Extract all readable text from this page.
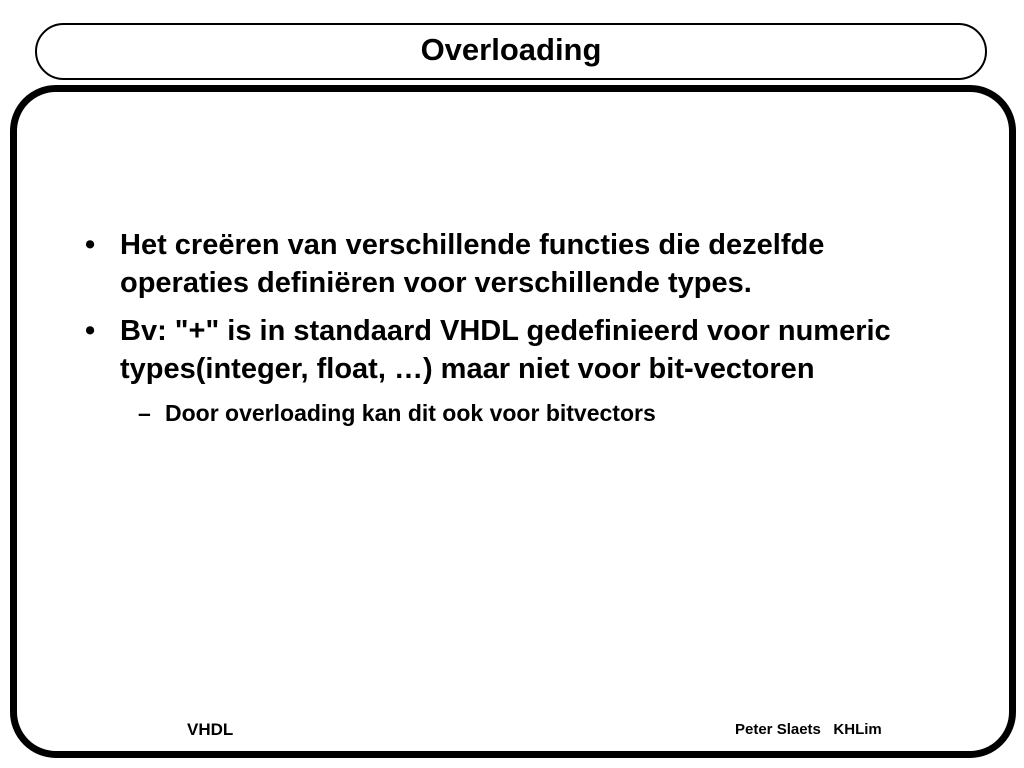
Overloading
• Het creëren van verschillende functies die dezelfde operaties definiëren voor verschillende types.
• Bv: "+" is in standaard VHDL gedefinieerd voor numeric types(integer, float, …) maar niet voor bit-vectoren
– Door overloading kan dit ook voor bitvectors
VHDL	Peter Slaets KHLim
